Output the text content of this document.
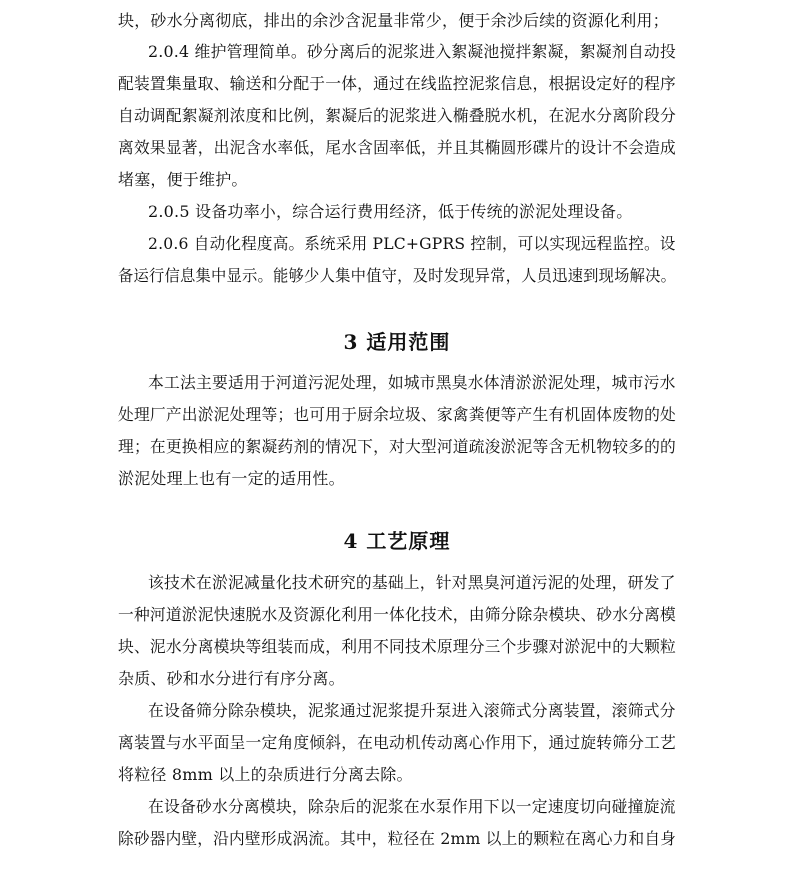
块，砂水分离彻底，排出的余沙含泥量非常少，便于余沙后续的资源化利用；
2.0.4 维护管理简单。砂分离后的泥浆进入絮凝池搅拌絮凝，絮凝剂自动投
配装置集量取、输送和分配于一体，通过在线监控泥浆信息，根据设定好的程序
自动调配絮凝剂浓度和比例，絮凝后的泥浆进入椭叠脱水机，在泥水分离阶段分
离效果显著，出泥含水率低，尾水含固率低，并且其椭圆形碟片的设计不会造成
堵塞，便于维护。
2.0.5 设备功率小，综合运行费用经济，低于传统的淤泥处理设备。
2.0.6 自动化程度高。系统采用 PLC+GPRS 控制，可以实现远程监控。设
备运行信息集中显示。能够少人集中值守，及时发现异常，人员迅速到现场解决。
3 适用范围
本工法主要适用于河道污泥处理，如城市黑臭水体清淤淤泥处理，城市污水
处理厂产出淤泥处理等；也可用于厨余垃圾、家禽粪便等产生有机固体废物的处
理；在更换相应的絮凝药剂的情况下，对大型河道疏浚淤泥等含无机物较多的的
淤泥处理上也有一定的适用性。
4 工艺原理
该技术在淤泥减量化技术研究的基础上，针对黑臭河道污泥的处理，研发了
一种河道淤泥快速脱水及资源化利用一体化技术，由筛分除杂模块、砂水分离模
块、泥水分离模块等组装而成，利用不同技术原理分三个步骤对淤泥中的大颗粒
杂质、砂和水分进行有序分离。
在设备筛分除杂模块，泥浆通过泥浆提升泵进入滚筛式分离装置，滚筛式分
离装置与水平面呈一定角度倾斜，在电动机传动离心作用下，通过旋转筛分工艺
将粒径 8mm 以上的杂质进行分离去除。
在设备砂水分离模块，除杂后的泥浆在水泵作用下以一定速度切向碰撞旋流
除砂器内壁，沿内壁形成涡流。其中，粒径在 2mm 以上的颗粒在离心力和自身
